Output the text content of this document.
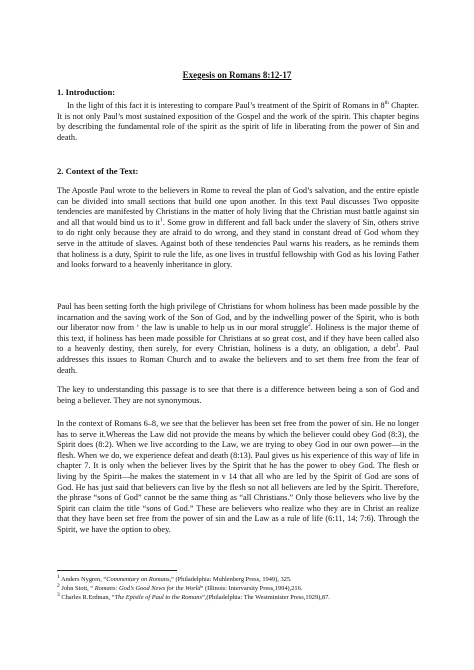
Exegesis on Romans 8:12-17
1. Introduction:

In the light of this fact it is interesting to compare Paul’s treatment of the Spirit of Romans in 8th Chapter. It is not only Paul’s most sustained exposition of the Gospel and the work of the spirit. This chapter begins by describing the fundamental role of the spirit as the spirit of life in liberating from the power of Sin and death.

2. Context of the Text:

The Apostle Paul wrote to the believers in Rome to reveal the plan of God’s salvation, and the entire epistle can be divided into small sections that build one upon another. In this text Paul discusses Two opposite tendencies are manifested by Christians in the matter of holy living that the Christian must battle against sin and all that would bind us to $it^1$. Some grow in different and fall back under the slavery of Sin, others strive to do right only because they are afraid to do wrong, and they stand in constant dread of God whom they serve in the attitude of slaves. Against both of these tendencies Paul warns his readers, as he reminds them that holiness is a duty, Spirit to rule the life, as one lives in trustful fellowship with God as his loving Father and looks forward to a heavenly inheritance in glory.

Paul has been setting forth the high privilege of Christians for whom holiness has been made possible by the incarnation and the saving work of the Son of God, and by the indwelling power of the Spirit, who is both our liberator now from ‘ the law is unable to help us in our moral struggle$^2$. Holiness is the major theme of this text, if holiness has been made possible for Christians at so great cost, and if they have been called also to a heavenly destiny, then surely, for every Christian, holiness is a duty, an obligation, a debt$^3$. Paul addresses this issues to Roman Church and to awake the believers and to set them free from the fear of death.

The key to understanding this passage is to see that there is a difference between being a son of God and being a believer. They are not synonymous.

In the context of Romans 6–8, we see that the believer has been set free from the power of sin. He no longer has to serve it.Whereas the Law did not provide the means by which the believer could obey God (8:3), the Spirit does (8:2). When we live according to the Law, we are trying to obey God in our own power—in the flesh. When we do, we experience defeat and death (8:13). Paul gives us his experience of this way of life in chapter 7. It is only when the believer lives by the Spirit that he has the power to obey God. The flesh or living by the Spirit—he makes the statement in v 14 that all who are led by the Spirit of God are sons of God. He has just said that believers can live by the flesh so not all believers are led by the Spirit. Therefore, the phrase “sons of God” cannot be the same thing as “all Christians.” Only those believers who live by the Spirit can claim the title “sons of God.” These are believers who realize who they are in Christ an realize that they have been set free from the power of sin and the Law as a rule of life (6:11, 14; 7:6). Through the Spirit, we have the option to obey.

$^1$ Anders Nygren, “Commentary on Romans,” (Philadelphia: Muhlenberg Press, 1949), 325.
$^2$ John Stott, “ Romans: God’s Good News for the World” (Illinois: Intervarsity Press,1994),216.
$^3$ Charles R.Erdman, “The Epistle of Paul to the Romans”,(Philadelphia: The Westminister Press,1929),87.
